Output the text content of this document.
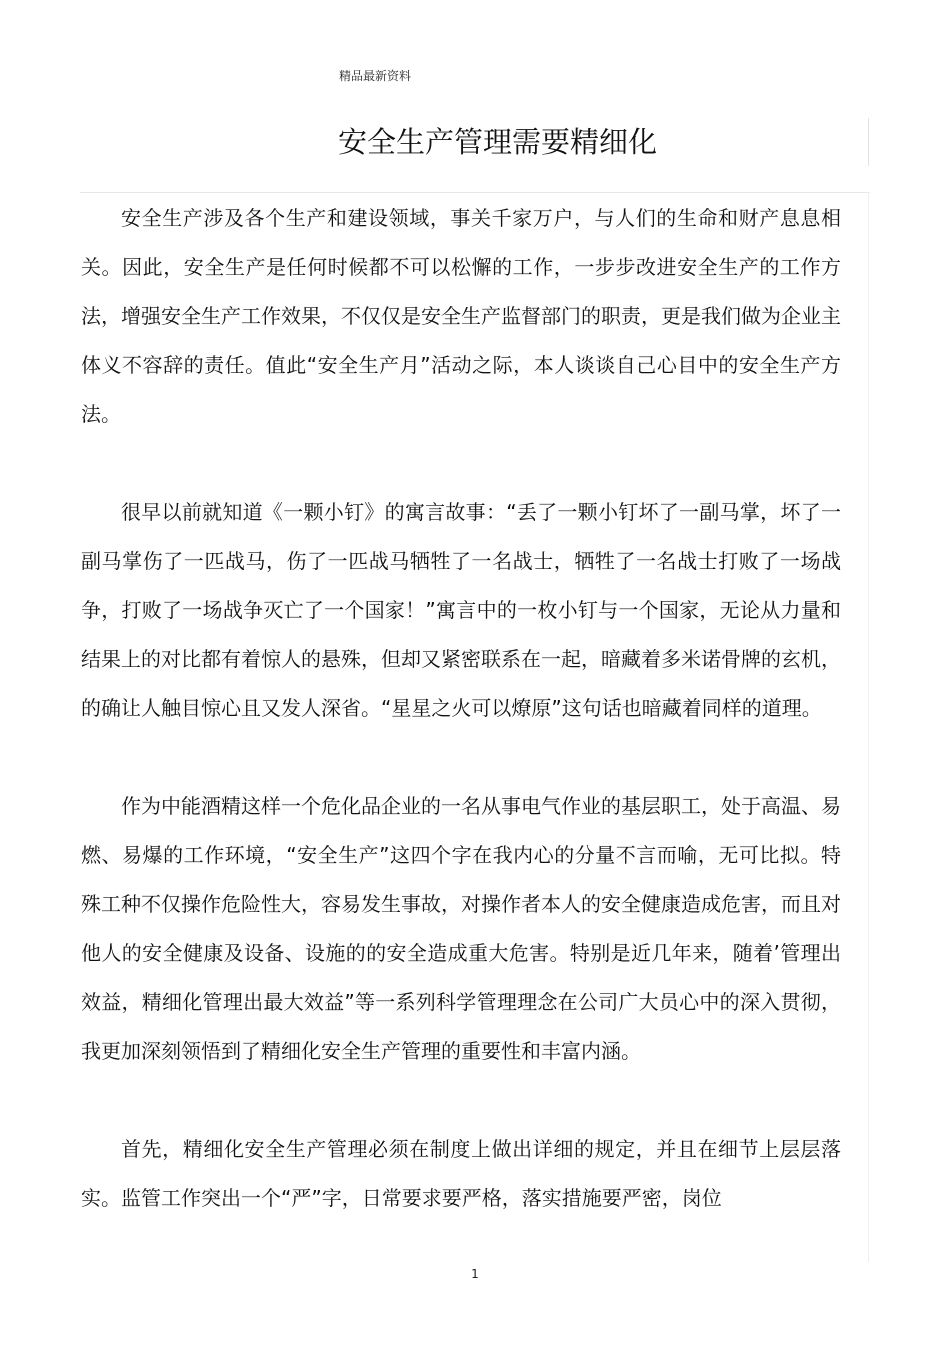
精品最新资料
安全生产管理需要精细化

安全生产涉及各个生产和建设领域，事关千家万户，与人们的生命和财产息息相关。因此，安全生产是任何时候都不可以松懈的工作，一步步改进安全生产的工作方法，增强安全生产工作效果，不仅仅是安全生产监督部门的职责，更是我们做为企业主体义不容辞的责任。值此“安全生产月”活动之际，本人谈谈自己心目中的安全生产方法。

很早以前就知道《一颗小钉》的寓言故事：“丢了一颗小钉坏了一副马掌，坏了一副马掌伤了一匹战马，伤了一匹战马牺牲了一名战士，牺牲了一名战士打败了一场战争，打败了一场战争灭亡了一个国家！”寓言中的一枚小钉与一个国家，无论从力量和结果上的对比都有着惊人的悬殊，但却又紧密联系在一起，暗藏着多米诺骨牌的玄机，的确让人触目惊心且又发人深省。“星星之火可以燎原”这句话也暗藏着同样的道理。

作为中能酒精这样一个危化品企业的一名从事电气作业的基层职工，处于高温、易燃、易爆的工作环境，“安全生产”这四个字在我内心的分量不言而喻，无可比拟。特殊工种不仅操作危险性大，容易发生事故，对操作者本人的安全健康造成危害，而且对他人的安全健康及设备、设施的的安全造成重大危害。特别是近几年来，随着’管理出效益，精细化管理出最大效益”等一系列科学管理理念在公司广大员心中的深入贯彻，我更加深刻领悟到了精细化安全生产管理的重要性和丰富内涵。

首先，精细化安全生产管理必须在制度上做出详细的规定，并且在细节上层层落实。监管工作突出一个“严”字，日常要求要严格，落实措施要严密，岗位

1
